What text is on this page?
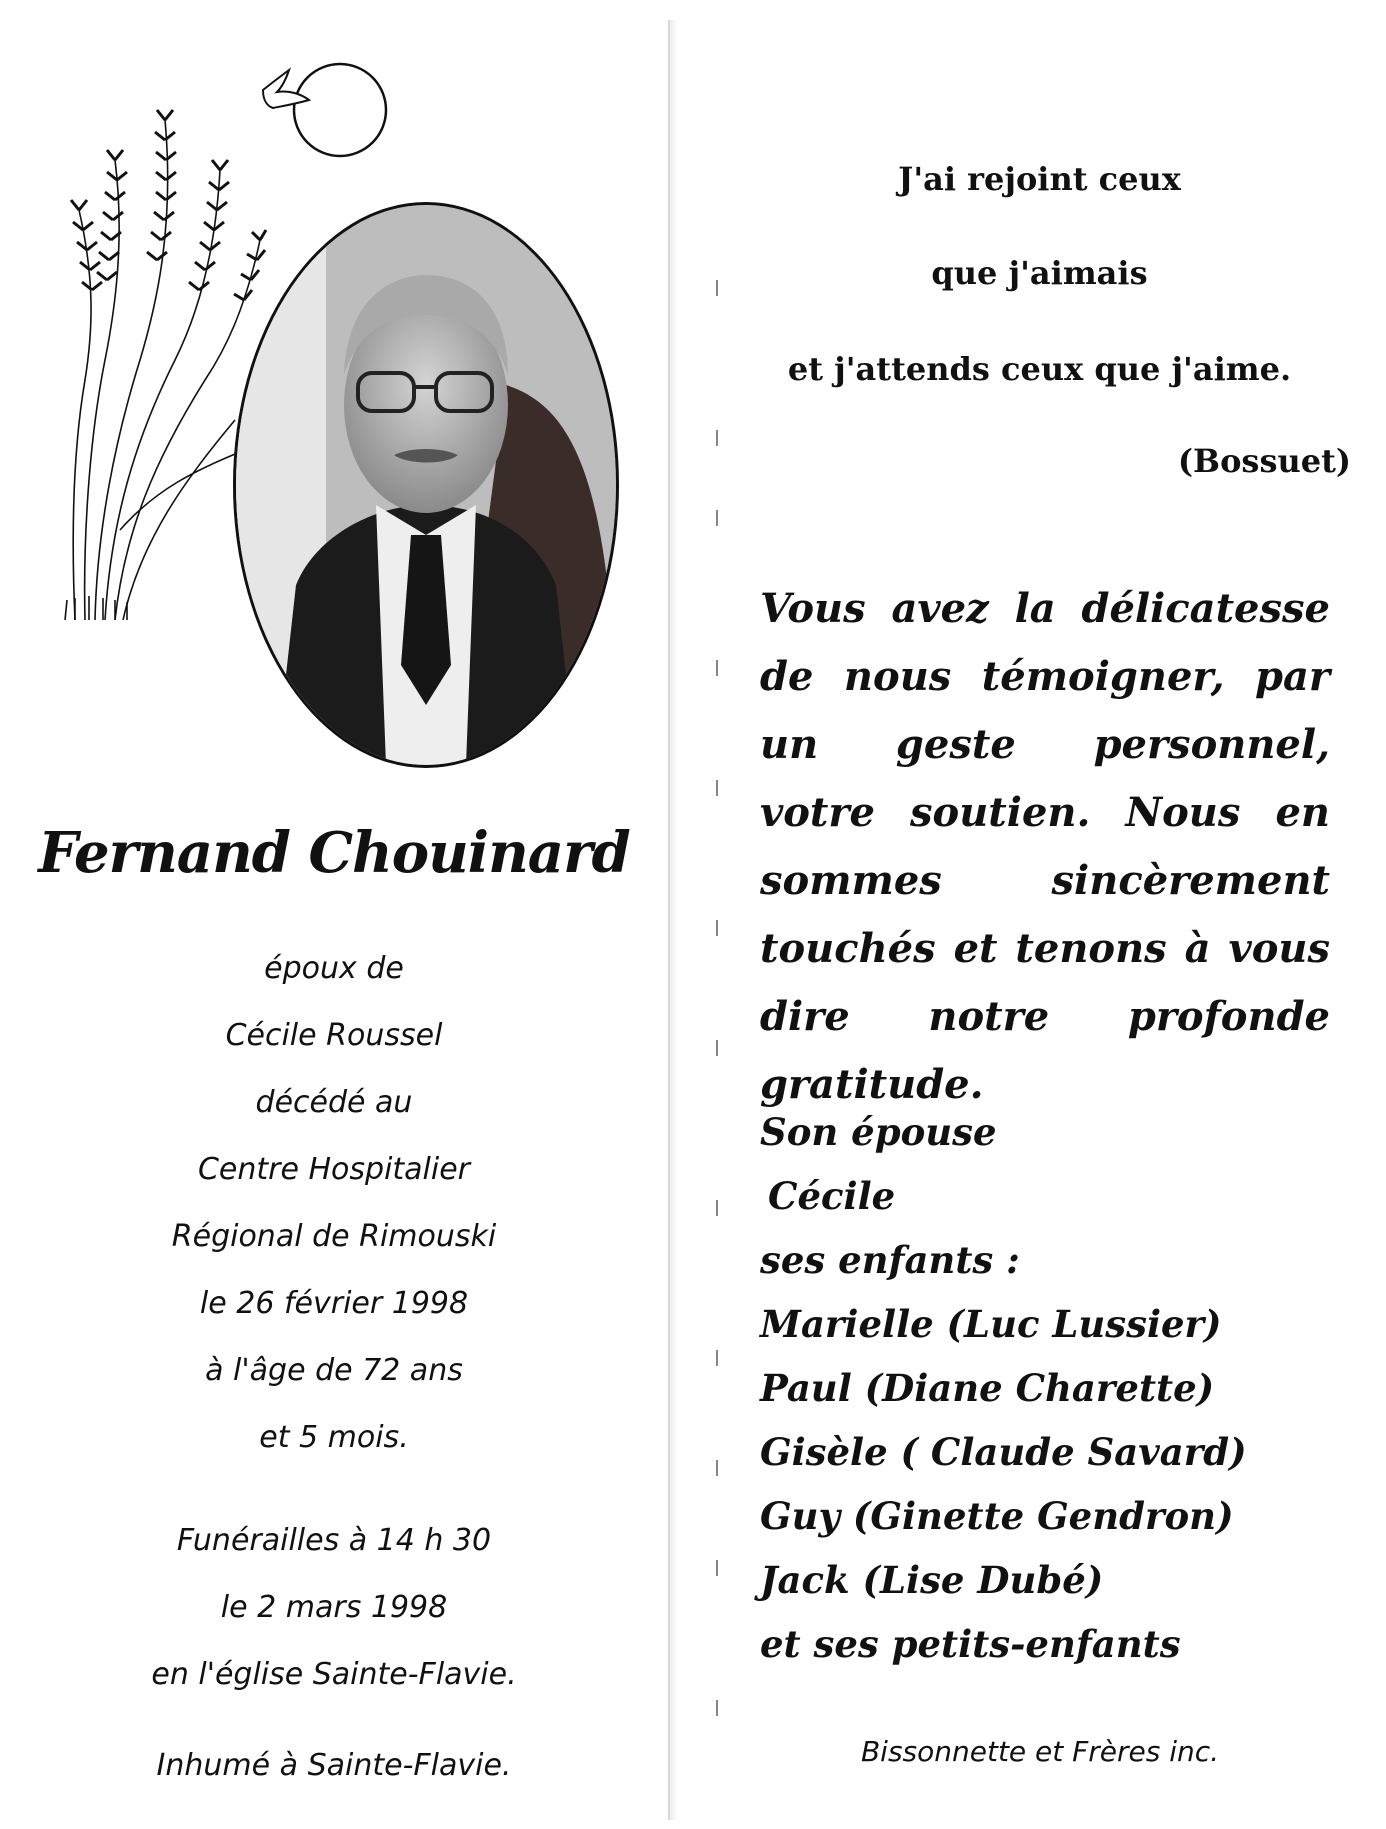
Fernand Chouinard
époux de
Cécile Roussel
décédé au
Centre Hospitalier
Régional de Rimouski
le 26 février 1998
à l'âge de 72 ans
et 5 mois.
Funérailles à 14 h 30
le 2 mars 1998
en l'église Sainte-Flavie.
Inhumé à Sainte-Flavie.
J'ai rejoint ceux
que j'aimais
et j'attends ceux que j'aime.
(Bossuet)
Vous avez la délicatesse de nous témoigner, par un geste personnel, votre soutien. Nous en sommes sincèrement touchés et tenons à vous dire notre profonde gratitude.
Son épouse
Cécile
ses enfants :
Marielle (Luc Lussier)
Paul (Diane Charette)
Gisèle ( Claude Savard)
Guy (Ginette Gendron)
Jack (Lise Dubé)
et ses petits-enfants
Bissonnette et Frères inc.
